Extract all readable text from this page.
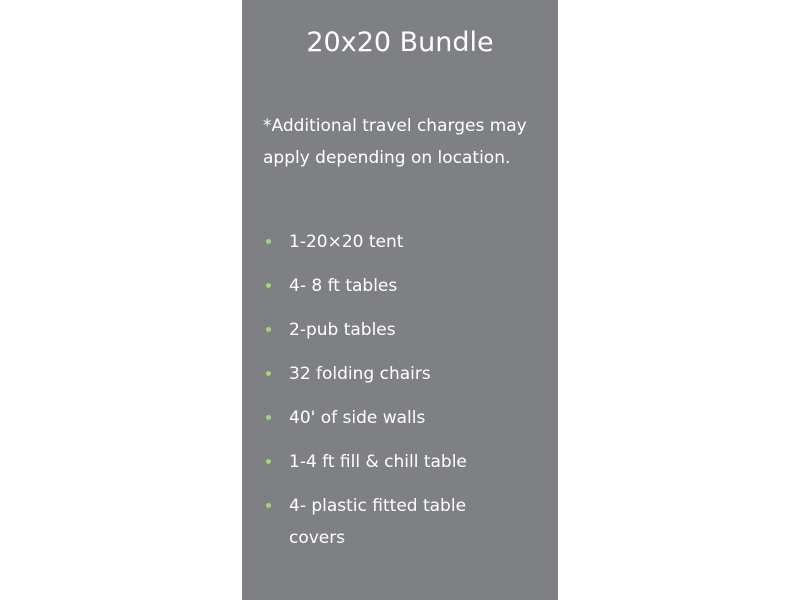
20x20 Bundle

*Additional travel charges may apply depending on location.

1-20×20 tent
4- 8 ft tables
2-pub tables
32 folding chairs
40' of side walls
1-4 ft fill & chill table
4- plastic fitted table covers
